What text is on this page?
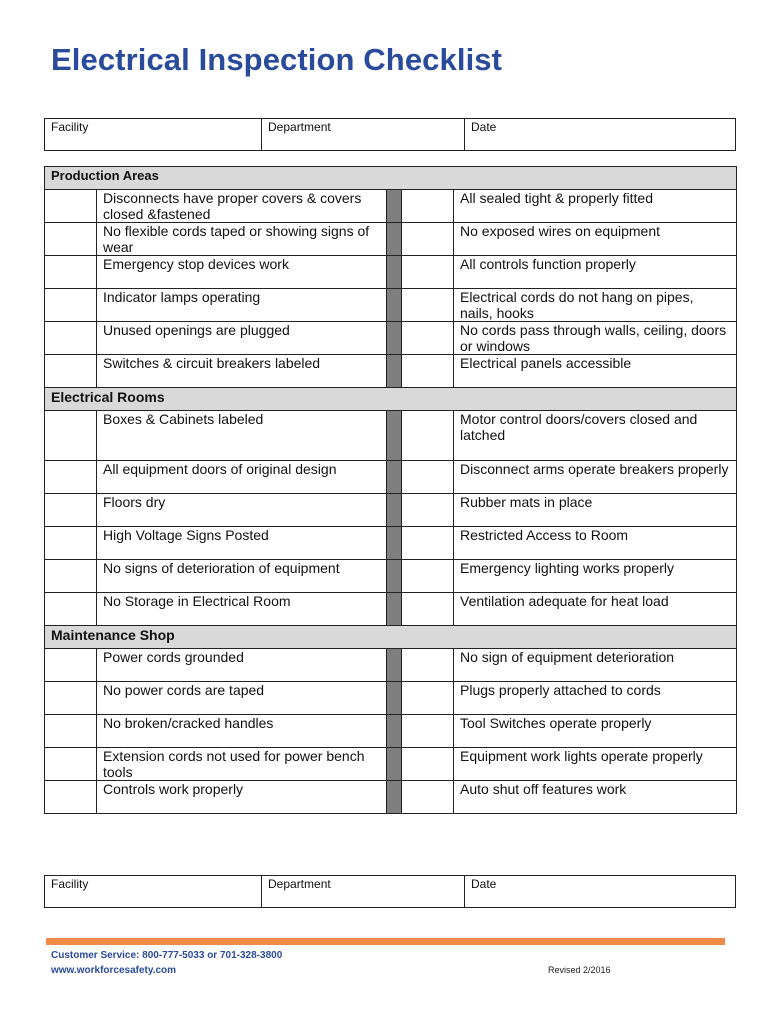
Electrical Inspection Checklist
Facility	Department	Date
Production Areas				
	Disconnects have proper covers & covers closed &fastened			All sealed tight & properly fitted
	No flexible cords taped or showing signs of wear			No exposed wires on equipment
	Emergency stop devices work			All controls function properly
	Indicator lamps operating			Electrical cords do not hang on pipes, nails, hooks
	Unused openings are plugged			No cords pass through walls, ceiling, doors or windows
	Switches & circuit breakers labeled			Electrical panels accessible
Electrical Rooms				
	Boxes & Cabinets labeled			Motor control doors/covers closed and latched
	All equipment doors of original design			Disconnect arms operate breakers properly
	Floors dry			Rubber mats in place
	High Voltage Signs Posted			Restricted Access to Room
	No signs of deterioration of equipment			Emergency lighting works properly
	No Storage in Electrical Room			Ventilation adequate for heat load
Maintenance Shop				
	Power cords grounded			No sign of equipment deterioration
	No power cords are taped			Plugs properly attached to cords
	No broken/cracked handles			Tool Switches operate properly
	Extension cords not used for power bench tools			Equipment work lights operate properly
	Controls work properly			Auto shut off features work
Facility	Department	Date
Customer Service: 800-777-5033 or 701-328-3800
www.workforcesafety.com	Revised 2/2016
